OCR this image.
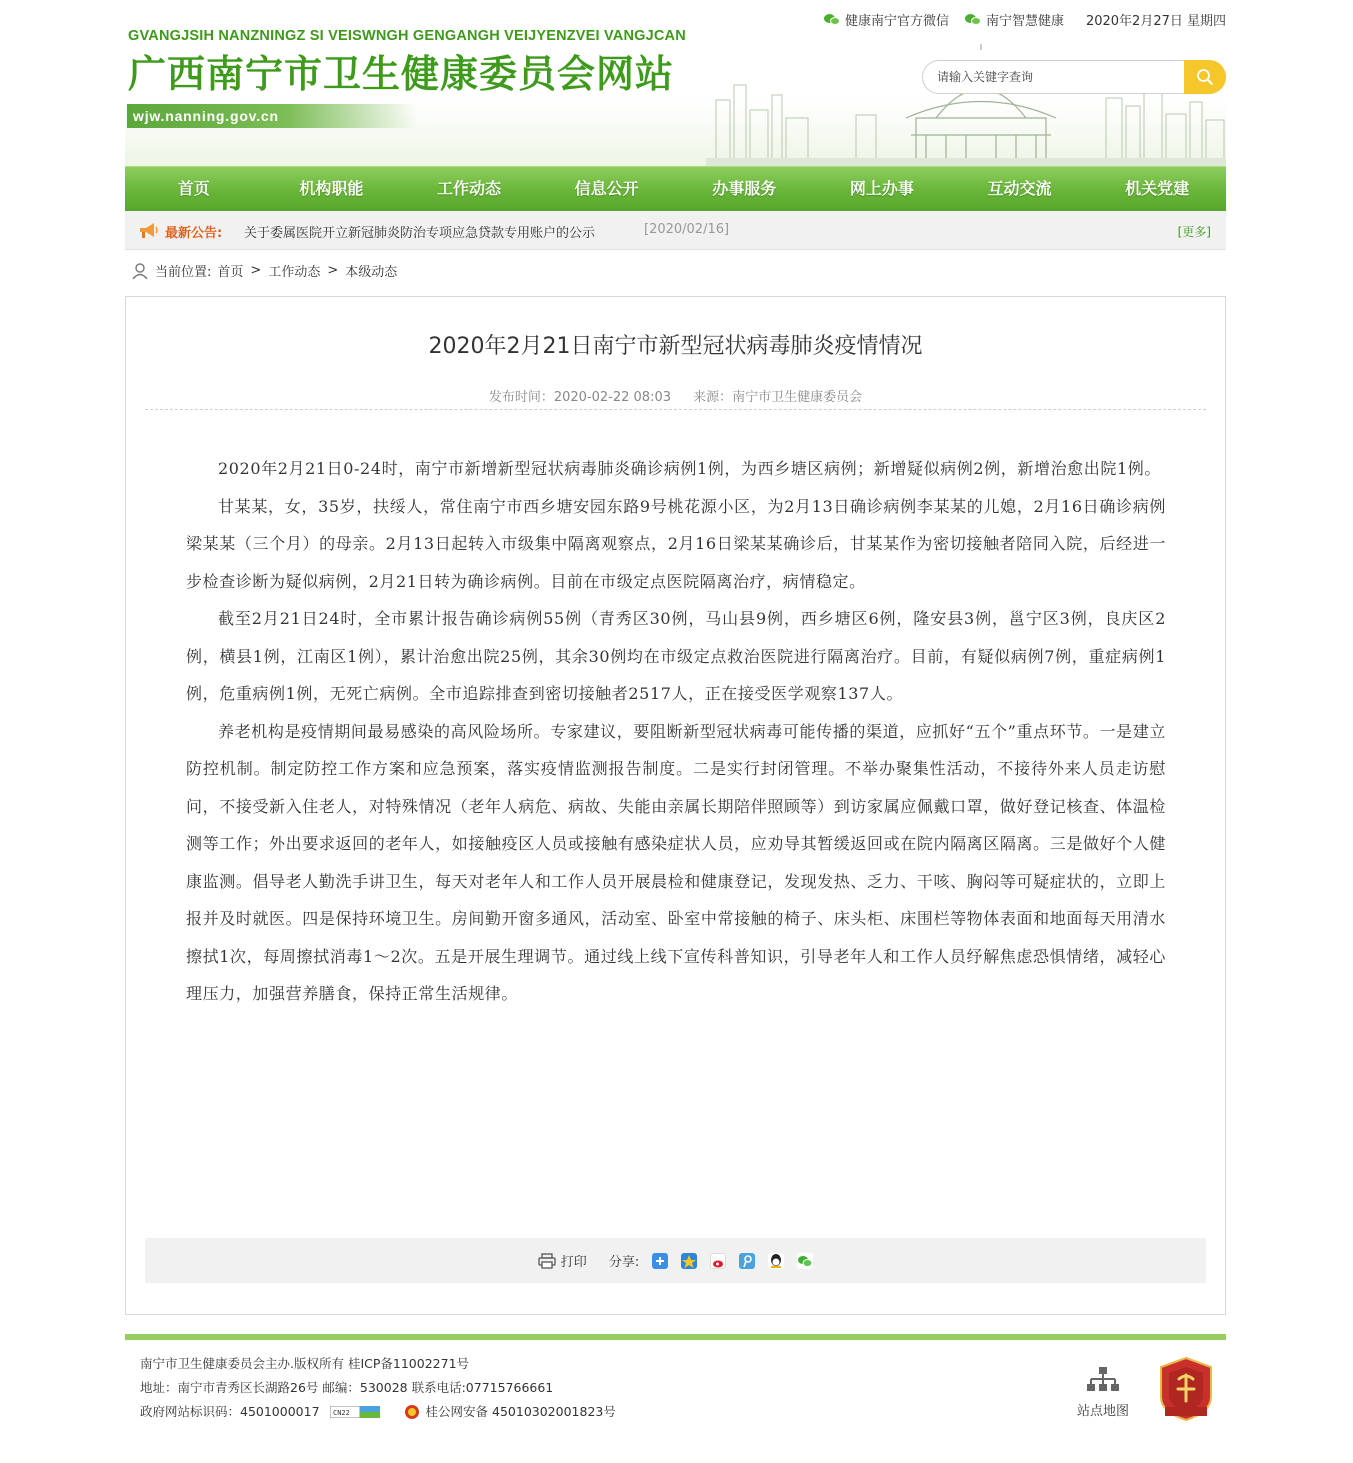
GVANGJSIH NANZNINGZ SI VEISWNGH GENGANGH VEIJYENZVEI VANGJCAN
广西南宁市卫生健康委员会网站
wjw.nanning.gov.cn
健康南宁官方微信	南宁智慧健康 2020年2月27日 星期四
请输入关键字查询
首页	机构职能	工作动态	信息公开	办事服务	网上办事	互动交流	机关党建
最新公告: 关于委属医院开立新冠肺炎防治专项应急贷款专用账户的公示	[2020/02/16]	[更多]
当前位置: 首页 > 工作动态 > 本级动态
2020年2月21日南宁市新型冠状病毒肺炎疫情情况
发布时间：2020-02-22 08:03 来源：南宁市卫生健康委员会

2020年2月21日0-24时，南宁市新增新型冠状病毒肺炎确诊病例1例，为西乡塘区病例；新增疑似病例2例，新增治愈出院1例。

甘某某，女，35岁，扶绥人，常住南宁市西乡塘安园东路9号桃花源小区，为2月13日确诊病例李某某的儿媳，2月16日确诊病例梁某某（三个月）的母亲。2月13日起转入市级集中隔离观察点，2月16日梁某某确诊后，甘某某作为密切接触者陪同入院，后经进一步检查诊断为疑似病例，2月21日转为确诊病例。目前在市级定点医院隔离治疗，病情稳定。

截至2月21日24时，全市累计报告确诊病例55例（青秀区30例，马山县9例，西乡塘区6例，隆安县3例，邕宁区3例，良庆区2例，横县1例，江南区1例），累计治愈出院25例，其余30例均在市级定点救治医院进行隔离治疗。目前，有疑似病例7例，重症病例1例，危重病例1例，无死亡病例。全市追踪排查到密切接触者2517人，正在接受医学观察137人。

养老机构是疫情期间最易感染的高风险场所。专家建议，要阻断新型冠状病毒可能传播的渠道，应抓好“五个”重点环节。一是建立防控机制。制定防控工作方案和应急预案，落实疫情监测报告制度。二是实行封闭管理。不举办聚集性活动，不接待外来人员走访慰问，不接受新入住老人，对特殊情况（老年人病危、病故、失能由亲属长期陪伴照顾等）到访家属应佩戴口罩，做好登记核查、体温检测等工作；外出要求返回的老年人，如接触疫区人员或接触有感染症状人员，应劝导其暂缓返回或在院内隔离区隔离。三是做好个人健康监测。倡导老人勤洗手讲卫生，每天对老年人和工作人员开展晨检和健康登记，发现发热、乏力、干咳、胸闷等可疑症状的，立即上报并及时就医。四是保持环境卫生。房间勤开窗多通风，活动室、卧室中常接触的椅子、床头柜、床围栏等物体表面和地面每天用清水擦拭1次，每周擦拭消毒1～2次。五是开展生理调节。通过线上线下宣传科普知识，引导老年人和工作人员纾解焦虑恐惧情绪，减轻心理压力，加强营养膳食，保持正常生活规律。

打印 分享:
南宁市卫生健康委员会主办.版权所有 桂ICP备11002271号
地址：南宁市青秀区长湖路26号 邮编：530028 联系电话:07715766661
政府网站标识码：4501000017 CN22	桂公网安备 45010302001823号	站点地图
